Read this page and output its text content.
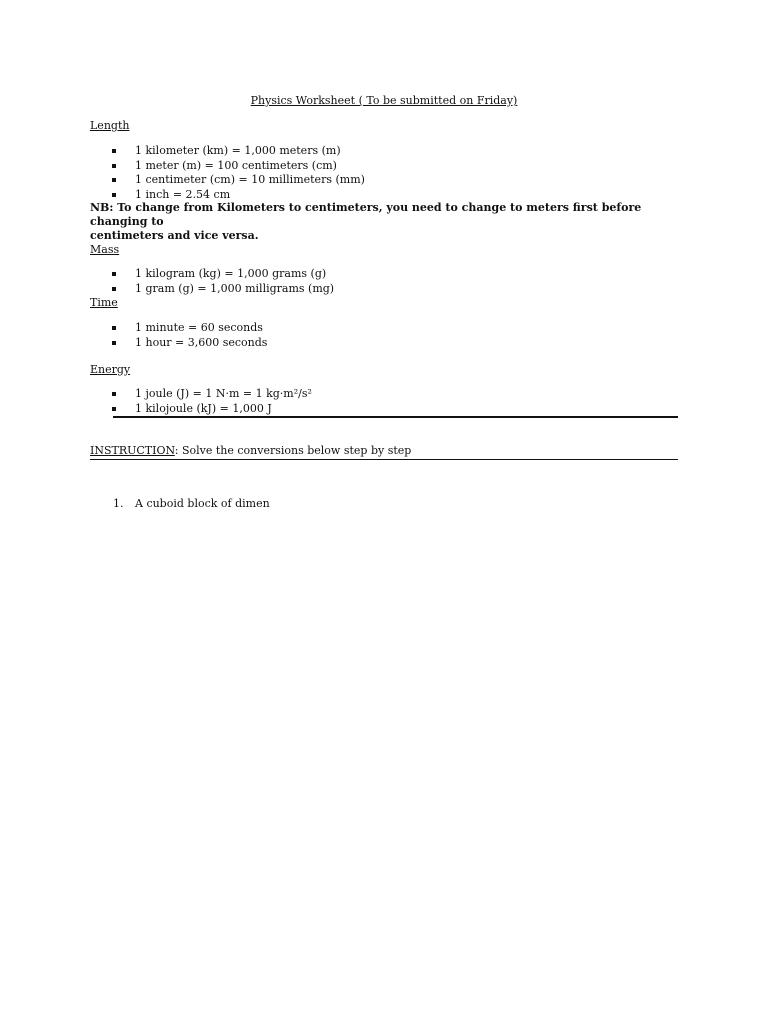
Physics Worksheet ( To be submitted on Friday)
Length
1 kilometer (km) = 1,000 meters (m)
1 meter (m) = 100 centimeters (cm)
1 centimeter (cm) = 10 millimeters (mm)
1 inch = 2.54 cm
NB: To change from Kilometers to centimeters, you need to change to meters first before changing to
centimeters and vice versa.
Mass
1 kilogram (kg) = 1,000 grams (g)
1 gram (g) = 1,000 milligrams (mg)
Time
1 minute = 60 seconds
1 hour = 3,600 seconds
Energy
1 joule (J) = 1 N·m = 1 kg·m²/s²
1 kilojoule (kJ) = 1,000 J
INSTRUCTION: Solve the conversions below step by step
1. A cuboid block of dimen
